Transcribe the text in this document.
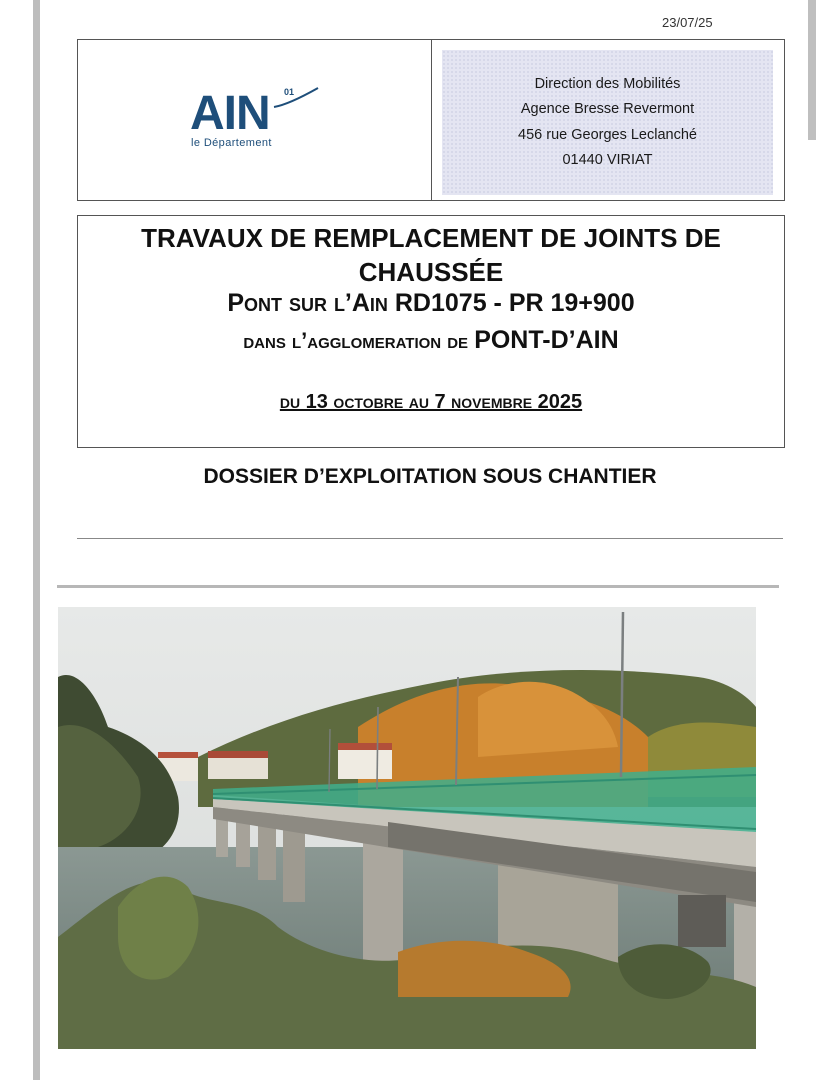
23/07/25
AIN 01
le Département
Direction des Mobilités
Agence Bresse Revermont
456 rue Georges Leclanché
01440 VIRIAT
TRAVAUX DE REMPLACEMENT DE JOINTS DE
CHAUSSÉE
Pont sur l’Ain RD1075 - PR 19+900
dans l’agglomeration de PONT-D’AIN
du 13 octobre au 7 novembre 2025
DOSSIER D’EXPLOITATION SOUS CHANTIER
